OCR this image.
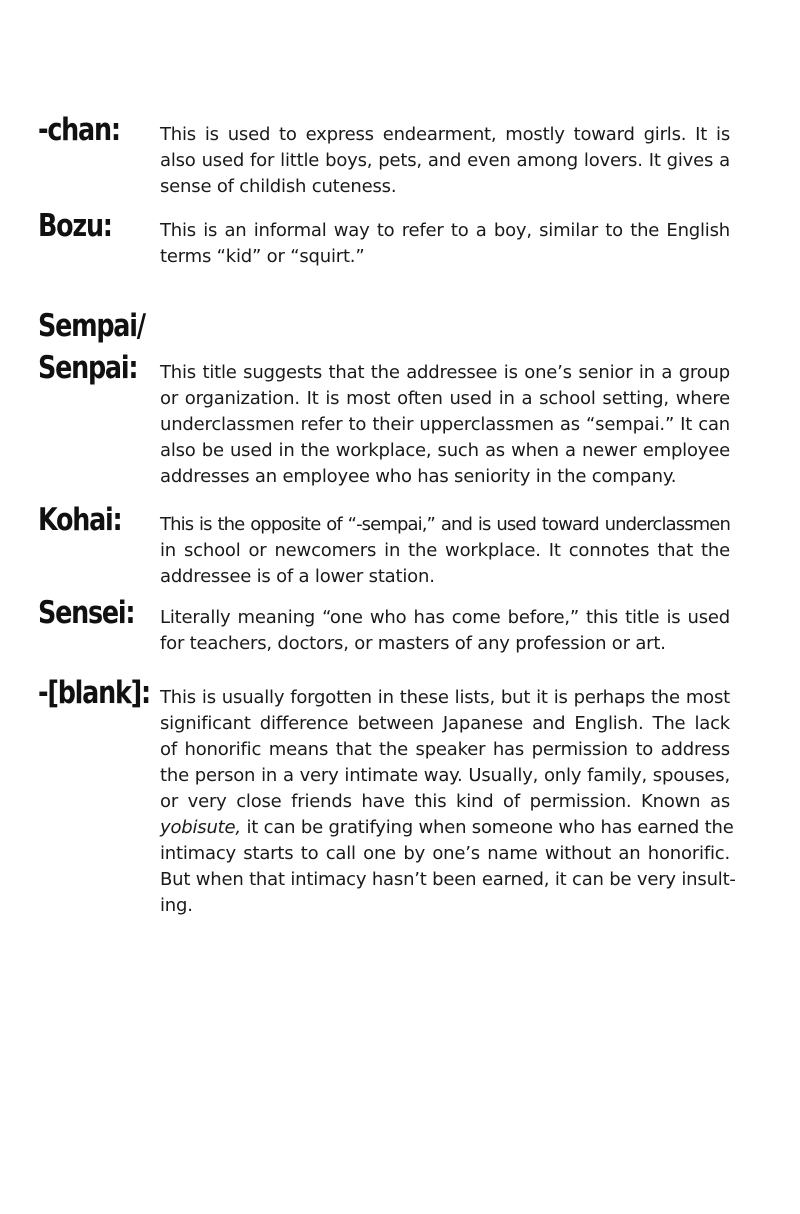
-chan: This is used to express endearment, mostly toward girls. It is
also used for little boys, pets, and even among lovers. It gives a
sense of childish cuteness.
Bozu:	This is an informal way to refer to a boy, similar to the English
terms “kid” or “squirt.”
Sempai/
Senpai:	This title suggests that the addressee is one’s senior in a group
or organization. It is most often used in a school setting, where
underclassmen refer to their upperclassmen as “sempai.” It can
also be used in the workplace, such as when a newer employee
addresses an employee who has seniority in the company.
Kohai: This is the opposite of “-sempai,” and is used toward underclassmen
in school or newcomers in the workplace. It connotes that the
addressee is of a lower station.
Sensei: Literally meaning “one who has come before,” this title is used
for teachers, doctors, or masters of any profession or art.
-[blank]: This is usually forgotten in these lists, but it is perhaps the most
significant difference between Japanese and English. The lack
of honorific means that the speaker has permission to address
the person in a very intimate way. Usually, only family, spouses,
or very close friends have this kind of permission. Known as
yobisute, it can be gratifying when someone who has earned the
intimacy starts to call one by one’s name without an honorific.
But when that intimacy hasn’t been earned, it can be very insult-
ing.
